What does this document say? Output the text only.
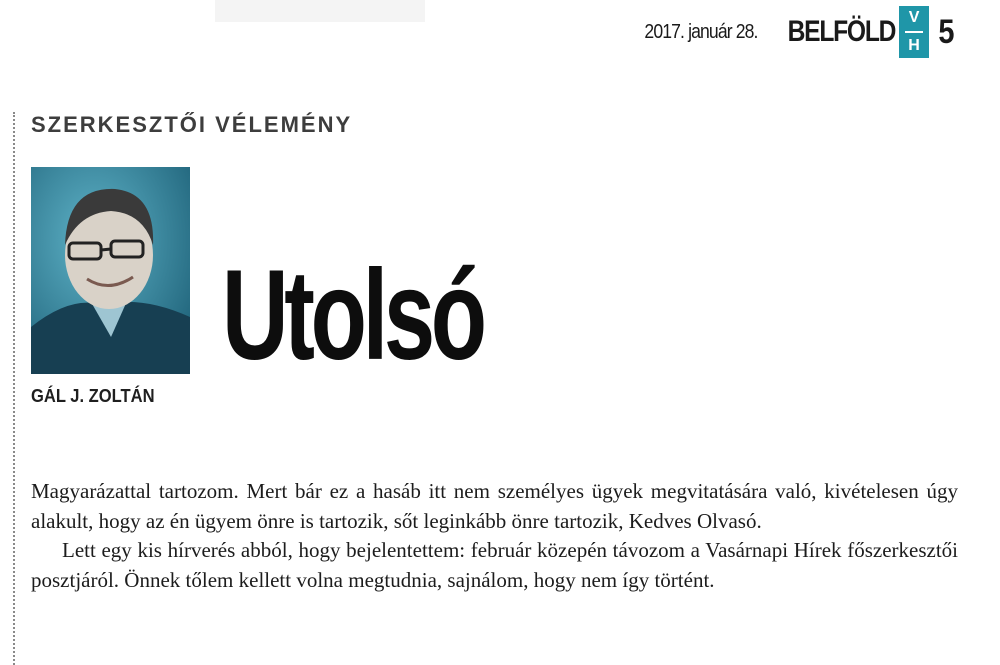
2017. január 28. BELFÖLD V
H 5
SZERKESZTŐI VÉLEMÉNY
GÁL J. ZOLTÁN
Utolsó

Magyarázattal tartozom. Mert bár ez a hasáb itt nem személyes ügyek megvitatására való, kivételesen úgy alakult, hogy az én ügyem önre is tartozik, sőt leginkább önre tartozik, Kedves Olvasó.

Lett egy kis hírverés abból, hogy bejelentettem: február közepén távozom a Vasárnapi Hírek főszerkesztői posztjáról. Önnek tőlem kellett volna megtudnia, sajnálom, hogy nem így történt.
